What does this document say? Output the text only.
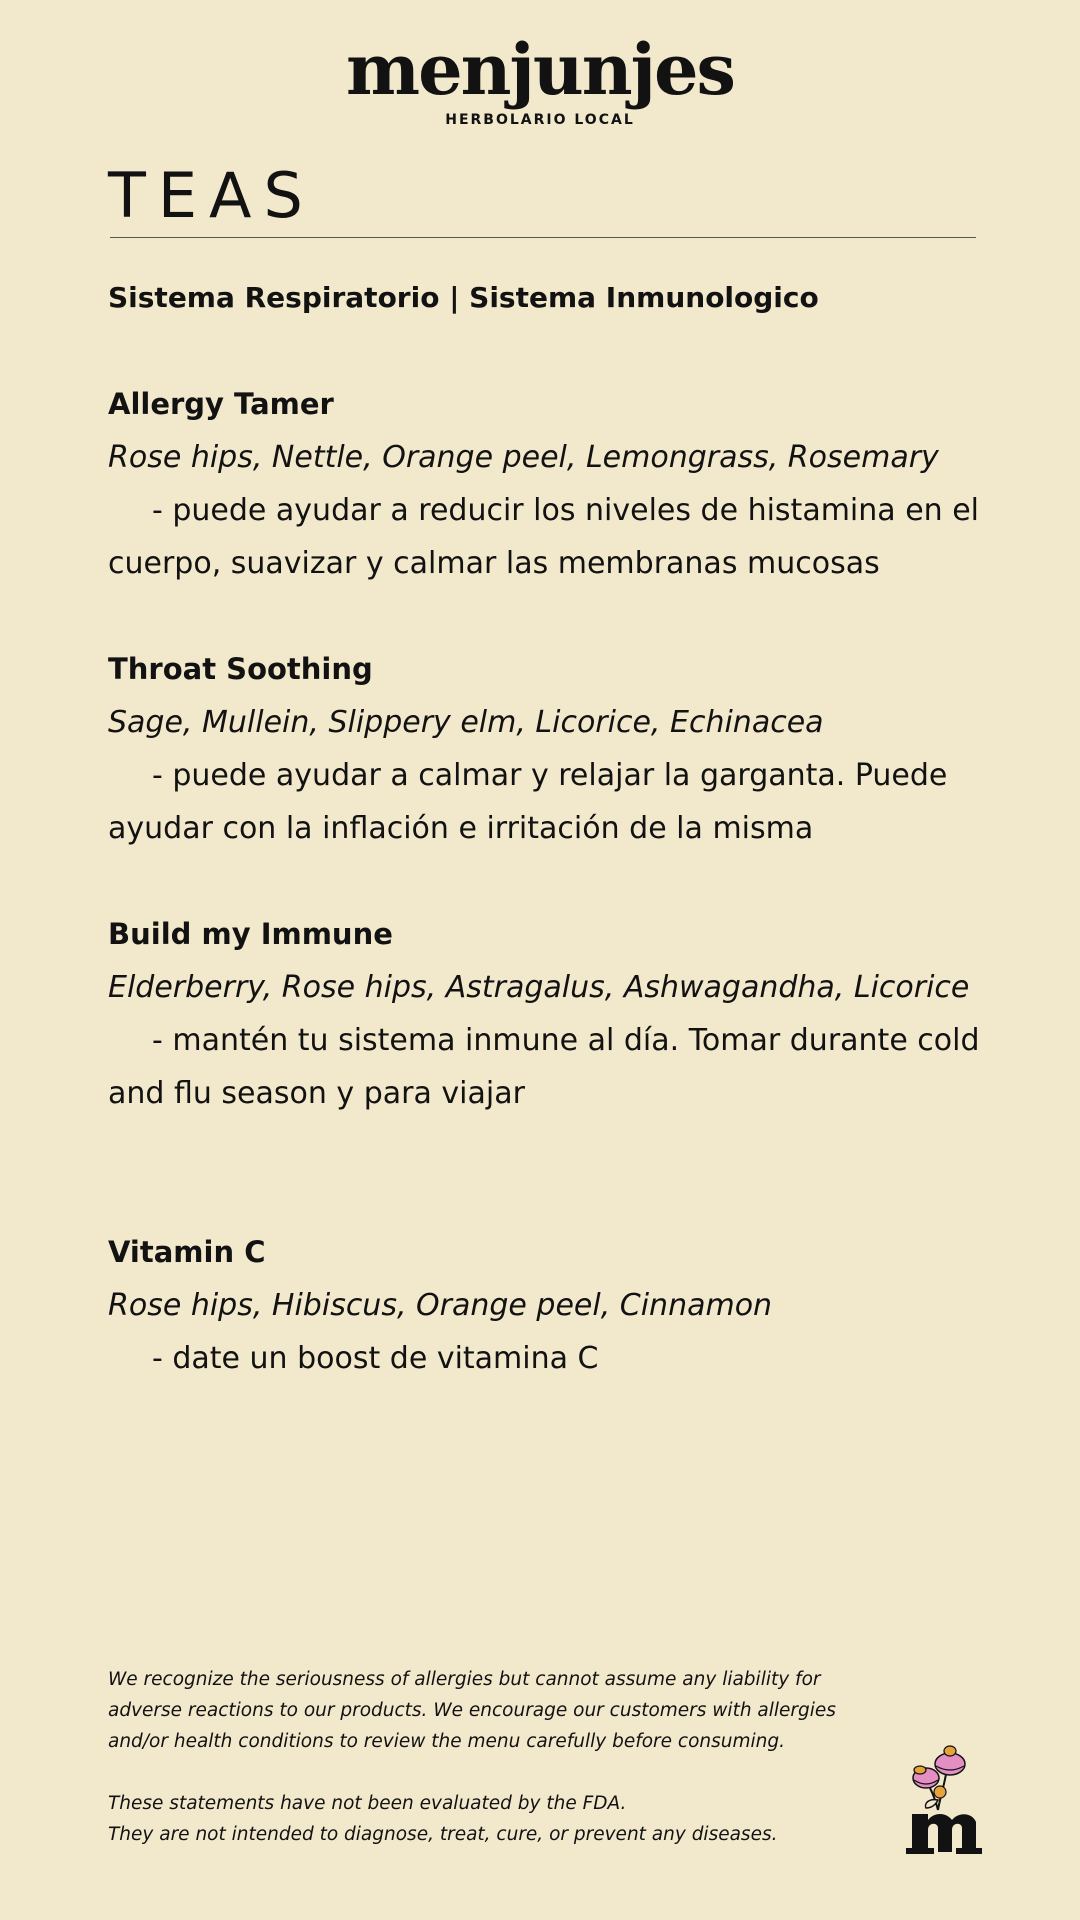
menjunjes
HERBOLARIO LOCAL
TEAS
Sistema Respiratorio | Sistema Inmunologico
Allergy Tamer
Rose hips, Nettle, Orange peel, Lemongrass, Rosemary
- puede ayudar a reducir los niveles de histamina en el cuerpo, suavizar y calmar las membranas mucosas
Throat Soothing
Sage, Mullein, Slippery elm, Licorice, Echinacea
- puede ayudar a calmar y relajar la garganta. Puede ayudar con la inflación e irritación de la misma
Build my Immune
Elderberry, Rose hips, Astragalus, Ashwagandha, Licorice
- mantén tu sistema inmune al día. Tomar durante cold and flu season y para viajar
Vitamin C
Rose hips, Hibiscus, Orange peel, Cinnamon
- date un boost de vitamina C

We recognize the seriousness of allergies but cannot assume any liability for adverse reactions to our products. We encourage our customers with allergies and/or health conditions to review the menu carefully before consuming.

These statements have not been evaluated by the FDA.
They are not intended to diagnose, treat, cure, or prevent any diseases.
